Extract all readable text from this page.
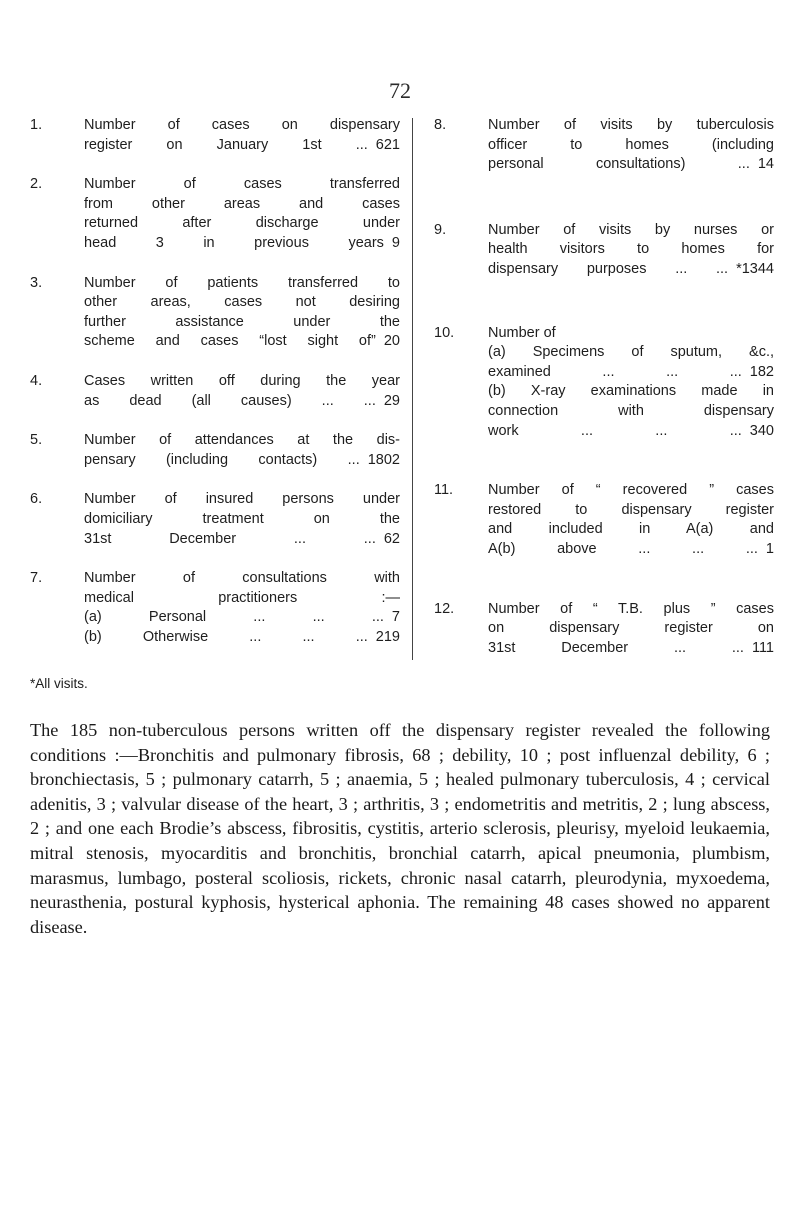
72
1.	Number of cases on dispensary
register on January 1st ... 621
2.	Number of cases transferred
from other areas and cases
returned after discharge under
head 3 in previous years 9
3.	Number of patients transferred to
other areas, cases not desiring
further assistance under the
scheme and cases “lost sight of” 20
4.	Cases written off during the year
as dead (all causes) ... ... 29
5.	Number of attendances at the dis-
pensary (including contacts) ... 1802
6.	Number of insured persons under
domiciliary treatment on the
31st December ... ... 62
7.	Number of consultations with
medical practitioners :—
(a) Personal ... ... ... 7
(b) Otherwise ... ... ... 219
8.	Number of visits by tuberculosis
officer to homes (including
personal consultations) ... 14
9.	Number of visits by nurses or
health visitors to homes for
dispensary purposes ... ... *1344
10.	Number of
(a) Specimens of sputum, &c.,
examined ... ... ... 182
(b) X-ray examinations made in
connection with dispensary
work ... ... ... 340
11.	Number of “ recovered ” cases
restored to dispensary register
and included in A(a) and
A(b) above ... ... ... 1
12.	Number of “ T.B. plus ” cases
on dispensary register on
31st December ... ... 111
*All visits.
The 185 non-tuberculous persons written off the dispensary register revealed the following conditions :—Bronchitis and pulmonary fibrosis, 68 ; debility, 10 ; post influenzal debility, 6 ; bronchiectasis, 5 ; pulmonary catarrh, 5 ; anaemia, 5 ; healed pulmonary tuberculosis, 4 ; cervical adenitis, 3 ; valvular disease of the heart, 3 ; arthritis, 3 ; endometritis and metritis, 2 ; lung abscess, 2 ; and one each Brodie’s abscess, fibrositis, cystitis, arterio sclerosis, pleurisy, myeloid leukaemia, mitral stenosis, myocarditis and bronchitis, bronchial catarrh, apical pneumonia, plumbism, marasmus, lumbago, posteral scoliosis, rickets, chronic nasal catarrh, pleurodynia, myxoedema, neurasthenia, postural kyphosis, hysterical aphonia. The remaining 48 cases showed no apparent disease.
